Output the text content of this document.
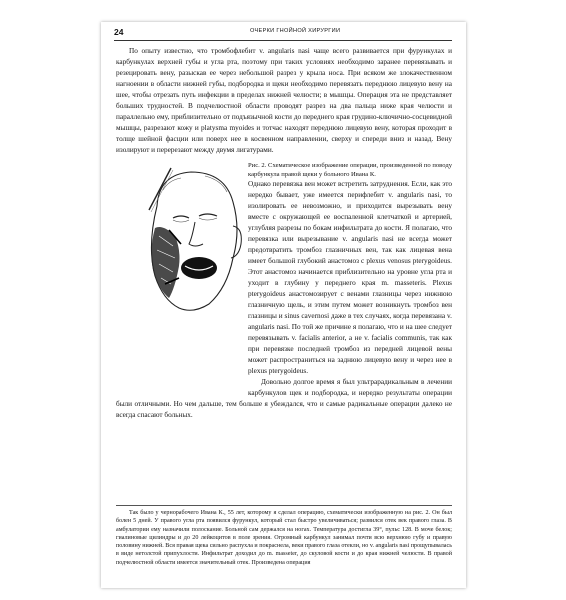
24	ОЧЕРКИ ГНОЙНОЙ ХИРУРГИИ

По опыту известно, что тромбофлебит v. angularis nasi чаще всего развивается при фурункулах и карбункулах верхней губы и угла рта, поэтому при таких условиях необходимо заранее перевязывать и резецировать вену, разыскав ее через небольшой разрез у крыла носа. При всяком же злокачественном нагноении в области нижней губы, подбородка и щеки необходимо перевязать переднюю лицевую вену на шее, чтобы отрезать путь инфекции в пределах нижней челюсти; в мышцы. Операция эта не представляет больших трудностей. В подчелюстной области проводят разрез на два пальца ниже края челюсти и параллельно ему, приблизительно от подъязычной кости до переднего края грудино-ключично-сосцевидной мышцы, разрезают кожу и platysma myoides и тотчас находят переднюю лицевую вену, которая проходит в толще шейной фасции или поверх нее в косвенном направлении, сверху и спереди вниз и назад. Вену изолируют и перерезают между двумя лигатурами.

Рис. 2. Схематическое изображение операции, произведенной по поводу карбункула правой щеки у больного Ивана К.
Однако перевязка вен может встретить затруднения. Если, как это нередко бывает, уже имеется перифлебит v. angularis nasi, то изолировать ее невозможно, и приходится вырезывать вену вместе с окружающей ее воспаленной клетчаткой и артерией, углубляя разрезы по бокам инфильтрата до кости. Я полагаю, что перевязка или вырезывание v. angularis nasi не всегда может предотвратить тромбоз глазничных вен, так как лицевая вена имеет большой глубокий анастомоз с plexus venosus pterygoideus. Этот анастомоз начинается приблизительно на уровне угла рта и уходит в глубину у переднего края m. masseteris. Plexus pterygoideus анастомозирует с венами глазницы через нижнюю глазничную щель, и этим путем может возникнуть тромбоз вен глазницы и sinus cavernosi даже в тех случаях, когда перевязана v. angularis nasi. По той же причине я полагаю, что и на шее следует перевязывать v. facialis anterior, а не v. facialis communis, так как при перевязке последней тромбоз из передней лицевой вены может распространиться на заднюю лицевую вену и через нее в plexus pterygoideus.

Довольно долгое время я был ультрарадикальным в лечении карбункулов щек и подбородка, и нередко результаты операции были отличными. Но чем дальше, тем больше я убеждался, что и самые радикальные операции далеко не всегда спасают больных.

Так было у чернорабочего Ивана К., 55 лет, которому я сделал операцию, схематически изображенную на рис. 2. Он был болен 5 дней. У правого угла рта появился фурункул, который стал быстро увеличиваться; развился отек век правого глаза. В амбулатории ему назначили полоскание. Больной сам держался на ногах. Температура достигла 39°, пульс 128. В моче белок; гиалиновые цилиндры и до 20 лейкоцитов в поле зрения. Огромный карбункул занимал почти всю верхнюю губу и правую половину нижней. Вся правая щека сильно распухла и покраснела, веки правого глаза отекли, но v. angularis nasi прощупывалась в виде нетолстой припухлости. Инфильтрат доходил до m. masseter, до скуловой кости и до края нижней челюсти. В правой подчелюстной области имеется значительный отек. Произведена операция
